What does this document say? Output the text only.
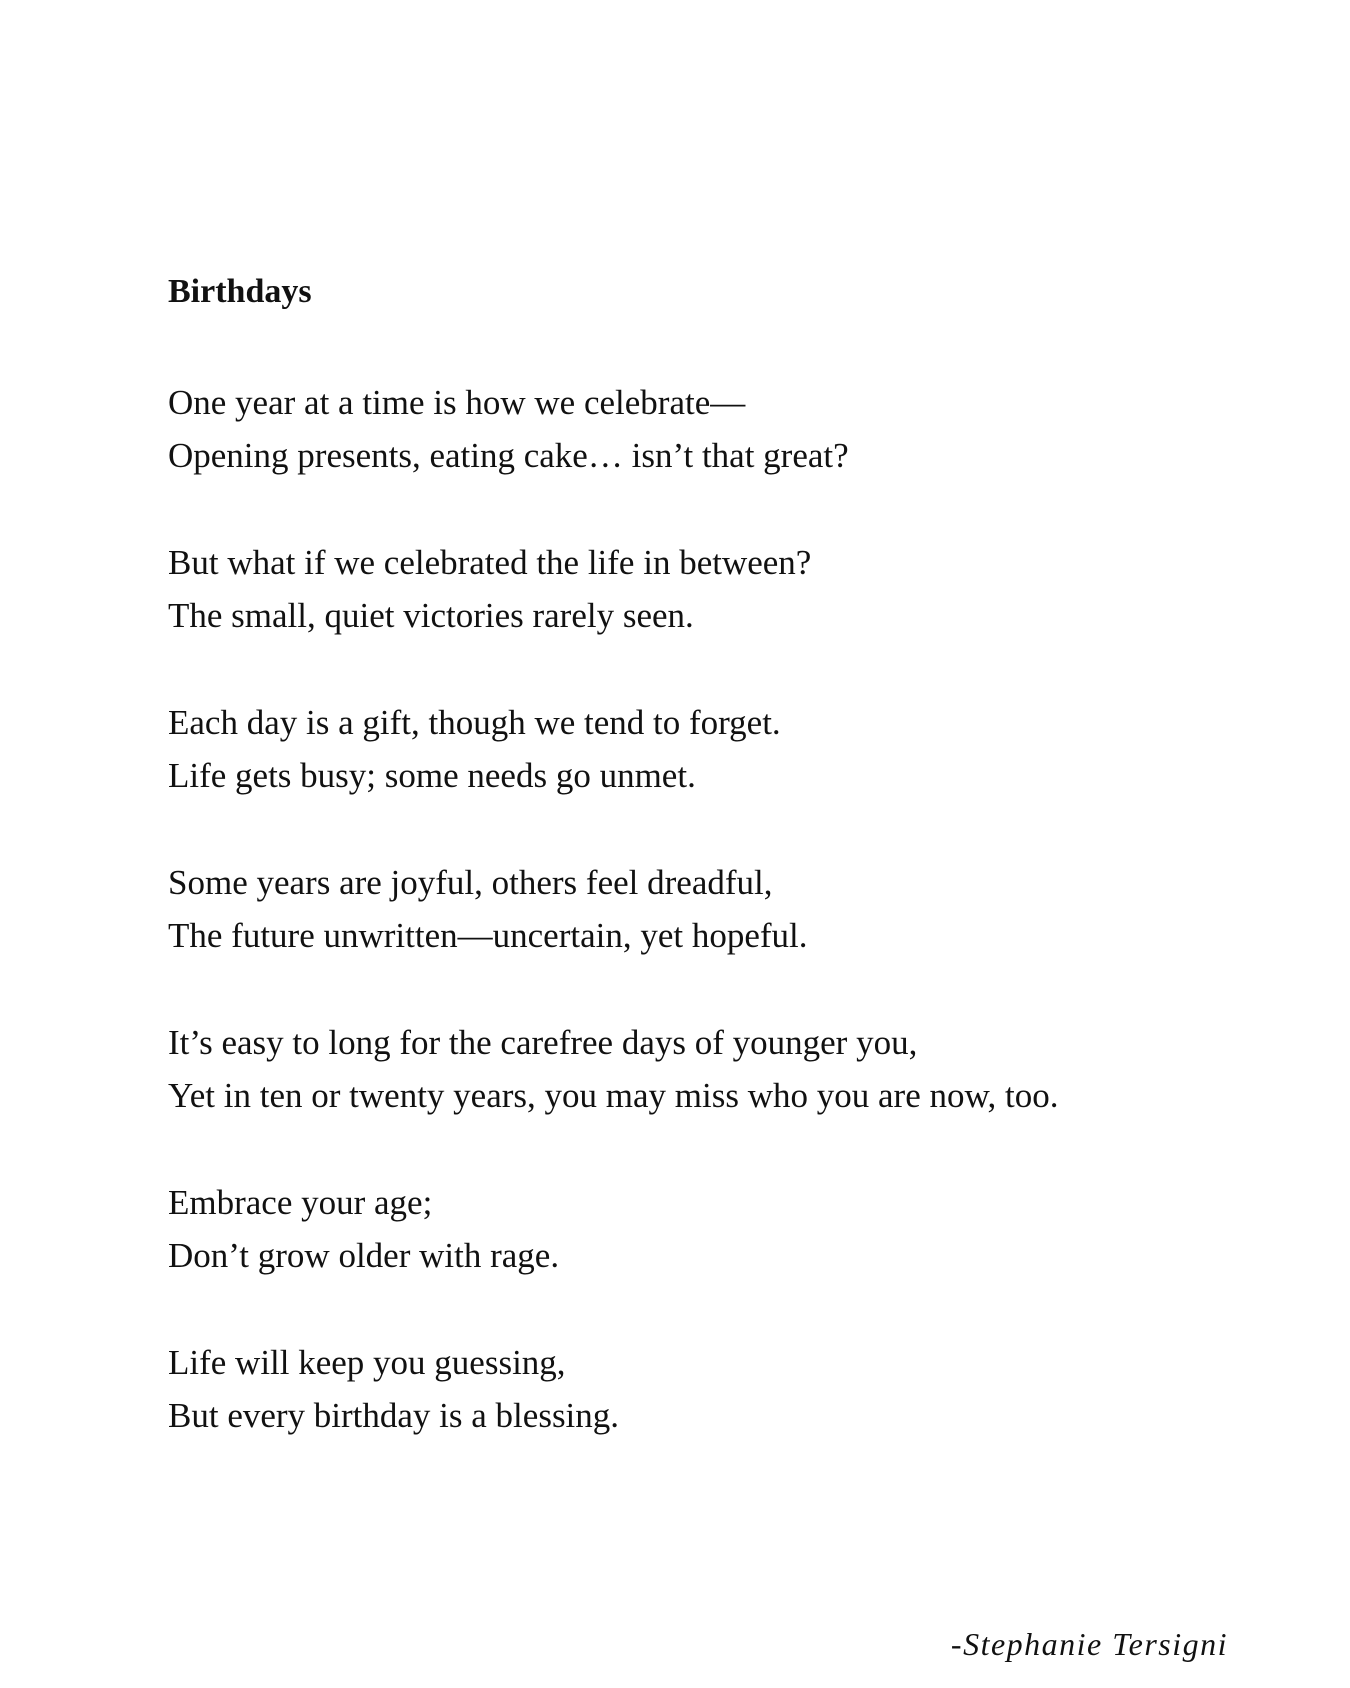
Birthdays
One year at a time is how we celebrate—
Opening presents, eating cake… isn’t that great?
But what if we celebrated the life in between?
The small, quiet victories rarely seen.
Each day is a gift, though we tend to forget.
Life gets busy; some needs go unmet.
Some years are joyful, others feel dreadful,
The future unwritten—uncertain, yet hopeful.
It’s easy to long for the carefree days of younger you,
Yet in ten or twenty years, you may miss who you are now, too.
Embrace your age;
Don’t grow older with rage.
Life will keep you guessing,
But every birthday is a blessing.

-Stephanie Tersigni
